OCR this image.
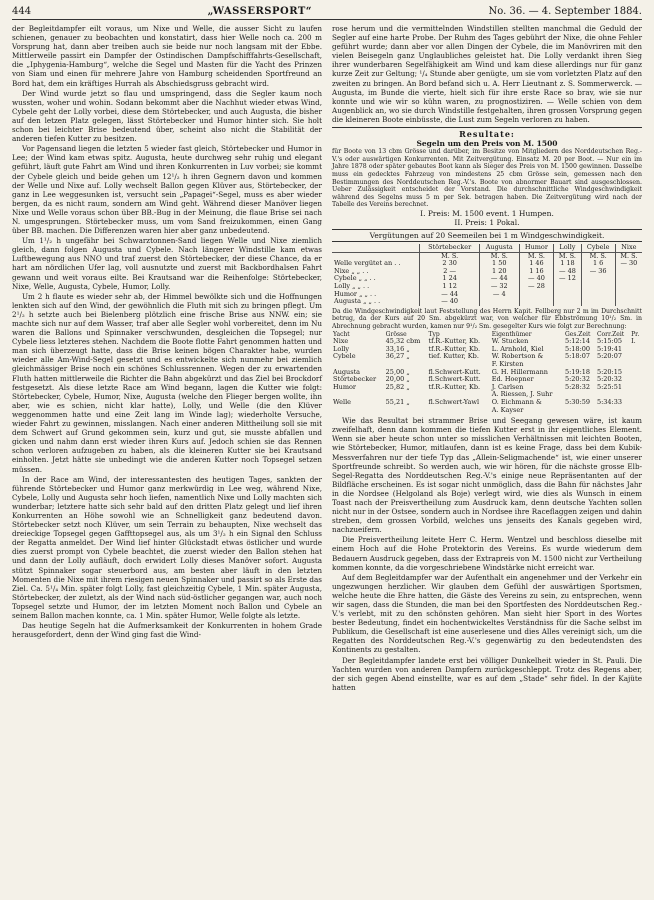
444	„WASSERSPORT“	No. 36. — 4. September 1884.

der Begleitdampfer eilt voraus, um Nixe und Welle, die ausser Sicht zu laufen schienen, genauer zu beobachten und konstatirt, dass hier Welle noch ca. 200 m Vorsprung hat, dann aber treiben auch sie beide nur noch langsam mit der Ebbe. Mittlerweile passirt ein Dampfer der Ostindischen Dampfschifffahrts-Gesellschaft, die „Iphygenia-Hamburg“, welche die Segel und Masten für die Yacht des Prinzen von Siam und einen für mehrere Jahre von Hamburg scheidenden Sportfreund an Bord hat, dem ein kräftiges Hurrah als Abschiedsgruss gebracht wird.

Der Wind wurde jetzt so flau und umspringend, dass die Segler kaum noch wussten, woher und wohin. Sodann bekommt aber die Nachhut wieder etwas Wind, Cybele geht der Lolly vorbei, diese dem Störtebecker, und auch Augusta, die bisher auf den letzen Platz gelegen, lässt Störtebecker und Humor hinter sich. Sie holt schon bei leichter Brise bedeutend über, scheint also nicht die Stabilität der anderen tiefen Kutter zu besitzen.

Vor Pagensand liegen die letzten 5 wieder fast gleich, Störtebecker und Humor in Lee; der Wind kam etwas spitz. Augusta, heute durchweg sehr ruhig und elegant geführt, läuft gute Fahrt am Wind und ihren Konkurrenten in Luv vorbei; sie kommt der Cybele gleich und beide gehen um 12¹/₂ h ihren Gegnern davon und kommen der Welle und Nixe auf. Lolly wechselt Ballon gegen Klüver aus, Störtebecker, der ganz in Lee weggesunken ist, versucht sein „Papagei“-Segel, muss es aber wieder bergen, da es nicht raum, sondern am Wind geht. Während dieser Manöver liegen Nixe und Welle voraus schon über BB.-Bug in der Meinung, die flaue Brise sei nach N. umgesprungen. Störtebecker muss, um vom Sand freizukommen, einen Gang über BB. machen. Die Differenzen waren hier aber ganz unbedeutend.

Um 1¹/₂ h ungefähr bei Schwarztonnen-Sand liegen Welle und Nixe ziemlich gleich, dann folgen Augusta und Cybele. Nach längerer Windstille kam etwas Luftbewegung aus NNO und traf zuerst den Störtebecker, der diese Chance, da er hart am nördlichen Ufer lag, voll ausnutzte und zuerst mit Backbordhalsen Fahrt gewann und weit voraus eilte. Bei Krautsand war die Reihenfolge: Störtebecker, Nixe, Welle, Augusta, Cybele, Humor, Lolly.

Um 2 h flaute es wieder sehr ab, der Himmel bewölkte sich und die Hoffnungen lenkten sich auf den Wind, der gewöhnlich die Fluth mit sich zu bringen pflegt. Um 2¹/₂ h setzte auch bei Bielenberg plötzlich eine frische Brise aus NNW. ein; sie machte sich nur auf dem Wasser, traf aber alle Segler wohl vorbereitet, denn im Nu waren die Ballons und Spinnaker verschwunden, desgleichen die Topsegel; nur Cybele liess letzteres stehen. Nachdem die Boote flotte Fahrt genommen hatten und man sich überzeugt hatte, dass die Brise keinen bögen Charakter habe, wurden wieder alle Am-Wind-Segel gesetzt und es entwickelte sich nunmehr bei ziemlich gleichmässiger Brise noch ein schönes Schlussrennen. Wegen der zu erwartenden Fluth hatten mittlerweile die Richter die Bahn abgekürzt und das Ziel bei Brockdorf festgesetzt. Als diese letzte Race am Wind begann, lagen die Kutter wie folgt: Störtebecker, Cybele, Humor, Nixe, Augusta (welche den Flieger bergen wollte, ihn aber, wie es schien, nicht klar hatte), Lolly, und Welle (die den Klüver weggenommen hatte und eine Zeit lang im Winde lag); wiederholte Versuche, wieder Fahrt zu gewinnen, misslangen. Nach einer anderen Mittheilung soll sie mit dem Schwert auf Grund gekommen sein, kurz und gut, sie musste abfallen und gicken und nahm dann erst wieder ihren Kurs auf. Jedoch schien sie das Rennen schon verloren aufzugeben zu haben, als die kleineren Kutter sie bei Krautsand einholten. Jetzt hätte sie unbedingt wie die anderen Kutter noch Topsegel setzen müssen.

In der Race am Wind, der interessantesten des heutigen Tages, sankten der führende Störtebecker und Humor ganz merkwürdig in Lee weg, während Nixe, Cybele, Lolly und Augusta sehr hoch liefen, namentlich Nixe und Lolly machten sich wunderbar; letztere hatte sich sehr bald auf den dritten Platz gelegt und lief ihren Konkurrenten an Höhe sowohl wie an Schnelligkeit ganz bedeutend davon. Störtebecker setzt noch Klüver, um sein Terrain zu behaupten, Nixe wechselt das dreieckige Topsegel gegen Gaffttopsegel aus, als um 3¹/₂ h ein Signal den Schluss der Regatta anmeldet. Der Wind lief hinter Glückstadt etwas östlicher und wurde dies zuerst prompt von Cybele beachtet, die zuerst wieder den Ballon stehen hat und dann der Lolly aufläuft, doch erwidert Lolly dieses Manöver sofort. Augusta stützt Spinnaker sogar steuerbord aus, am besten aber läuft in den letzten Momenten die Nixe mit ihrem riesigen neuen Spinnaker und passirt so als Erste das Ziel. Ca. 5¹/₄ Min. später folgt Lolly, fast gleichzeitig Cybele, 1 Min. später Augusta, Störtebecker, der zuletzt, als der Wind nach süd-östlicher gegangen war, auch noch Topsegel setzte und Humor, der im letzten Moment noch Ballon und Cybele an seinem Ballon machen konnte, ca. 1 Min. später Humor, Welle folgte als letzte.

Das heutige Segeln hat die Aufmerksamkeit der Konkurrenten in hohem Grade herausgefordert, denn der Wind ging fast die Wind-

rose herum und die vermittelnden Windstillen stellten manchmal die Geduld der Segler auf eine harte Probe. Der Ruhm des Tages gebührt der Nixe, die ohne Fehler geführt wurde; dann aber vor allen Dingen der Cybele, die im Manövriren mit den vielen Beisegeln ganz Unglaubliches geleistet hat. Die Lolly verdankt ihren Sieg ihrer wunderbaren Segelfähigkeit am Wind und kam diese allerdings nur für ganz kurze Zeit zur Geltung; ¹/₄ Stunde aber genügte, um sie vom vorletzten Platz auf den zweiten zu bringen. An Bord befand sich u. A. Herr Lieutnant z. S. Sommerwerck. — Augusta, im Bunde die vierte, hielt sich für ihre erste Race so brav, wie sie nur konnte und wie wir so kühn waren, zu prognostiziren. — Welle schien von dem Augenblick an, wo sie durch Windstille festgehalten, ihren grossen Vorsprung gegen die kleineren Boote einbüsste, die Lust zum Segeln verloren zu haben.

Resultate:
Segeln um den Preis von M. 1500
für Boote von 13 cbm Grösse und darüber, im Besitze von Mitgliedern des Norddeutschen Reg.-V.'s oder auswärtigen Konkurrenten. Mit Zeitvergütung. Einsatz M. 20 per Boot. — Nur ein im Jahre 1878 oder später gebautes Boot kann als Sieger des Preis von M. 1500 gewinnen. Dasselbe muss ein gedecktes Fahrzeug von mindestens 25 cbm Grösse sein, gemessen nach den Bestimmungen des Norddeutschen Reg.-V.'s. Boote von abnormer Bauart sind ausgeschlossen. Ueber Zulässigkeit entscheidet der Vorstand. Die durchschnittliche Windgeschwindigkeit während des Segelns muss 5 m per Sek. betragen haben. Die Zeitvergütung wird nach der Tabelle des Vereins berechnet.
I. Preis: M. 1500 event. 1 Humpen.
II. Preis: 1 Pokal.
Vergütungen auf 20 Seemeilen bei 1 m Windgeschwindigkeit.
	Störtebecker	Augusta	Humor	Lolly	Cybele	Nixe
	M. S.	M. S.	M. S.	M. S.	M. S.	M. S.
Welle vergütet an . .	2 30	1 50	1 46	1 18	1 6	— 30
Nixe „ „ . .	2 —	1 20	1 16	— 48	— 36	
Cybele „ „ . .	1 24	— 44	— 40	— 12		
Lolly „ „ . .	1 12	— 32	— 28			
Humor „ „ . .	— 44	— 4				
Augusta „ „ . .	— 40					
Da die Windgeschwindigkeit laut Feststellung des Herrn Kapit. Fellberg nur 2 m im Durchschnitt betrug, da der Kurs auf 20 Sm. abgekürzt war, von welcher für Ebbströmung 10¹/₂ Sm. in Abrechnung gebracht wurden, kamen nur 9¹/₂ Sm. gesegelter Kurs wie folgt zur Berechnung:
Yacht	Grösse	Typ	Eigenthümer	Ges.Zeit	Corr.Zeit	Pr.
Nixe	45,32 cbm	tf.R.-Kutter, Kb.	W. Stucken	5:12:14	5:15:05	I.
Lolly	33,16 „	tf.R.-Kutter, Kb.	L. Arnhold, Kiel	5:18:00	5:19:41	
Cybele	36,27 „	tief. Kutter, Kb.	W. Robertson &	5:18:07	5:20:07	
			F. Kirsten			
Augusta	25,00 „	fl.Schwert-Kutt.	G. H. Hillermann	5:19:18	5:20:15	
Störtebecker	20,00 „	fl.Schwert-Kutt.	Ed. Hoepner	5:20:32	5:20:32	
Humor	25,82 „	tf.R.-Kutter, Kb.	J. Carlsen	5:28:32	5:25:51	
			A. Riessen, J. Suhr			
Welle	55,21 „	fl.Schwert-Yawl	O. Eichmann &	5:30:59	5:34:33	
			A. Kayser			

Wie das Resultat bei strammer Brise und Seegang gewesen wäre, ist kaum zweifelhaft, denn dann kommen die tiefen Kutter erst in ihr eigentliches Element. Wenn sie aber heute schon unter so misslichen Verhältnissen mit leichten Booten, wie Störtebecker, Humor, mitlaufen, dann ist es keine Frage, dass bei dem Kubik-Messverfahren nur der tiefe Typ das „Allein-Seligmachende“ ist, wie einer unserer Sportfreunde schreibt. So werden auch, wie wir hören, für die nächste grosse Elb-Segel-Regatta des Norddeutschen Reg.-V.'s einige neue Repräsentanten auf der Bildfläche erscheinen. Es ist sogar nicht unmöglich, dass die Bahn für nächstes Jahr in die Nordsee (Helgoland als Boje) verlegt wird, wie dies als Wunsch in einem Toast nach der Preisvertheilung zum Ausdruck kam, denn deutsche Yachten sollen nicht nur in der Ostsee, sondern auch in Nordsee ihre Raceflaggen zeigen und dahin streben, dem grossen Vorbild, welches uns jenseits des Kanals gegeben wird, nachzueifern.

Die Preisvertheilung leitete Herr C. Herm. Wentzel und beschloss dieselbe mit einem Hoch auf die Hohe Protektorin des Vereins. Es wurde wiederum dem Bedauern Ausdruck gegeben, dass der Extrapreis von M. 1500 nicht zur Vertheilung kommen konnte, da die vorgeschriebene Windstärke nicht erreicht war.

Auf dem Begleitdampfer war der Aufenthalt ein angenehmer und der Verkehr ein ungezwungen herzlicher. Wir glauben dem Gefühl der auswärtigen Sportsmen, welche heute die Ehre hatten, die Gäste des Vereins zu sein, zu entsprechen, wenn wir sagen, dass die Stunden, die man bei den Sportfesten des Norddeutschen Reg.-V.'s verlebt, mit zu den schönsten gehören. Man sieht hier Sport in des Wortes bester Bedeutung, findet ein hochentwickeltes Verständniss für die Sache selbst im Publikum, die Gesellschaft ist eine auserlesene und dies Alles vereinigt sich, um die Regatten des Norddeutschen Reg.-V.'s gegenwärtig zu den bedeutendsten des Kontinents zu gestalten.

Der Begleitdampfer landete erst bei völliger Dunkelheit wieder in St. Pauli. Die Yachten wurden von anderen Dampfern zurückgeschleppt. Trotz des Regens aber, der sich gegen Abend einstellte, war es auf dem „Stade“ sehr fidel. In der Kajüte hatten
